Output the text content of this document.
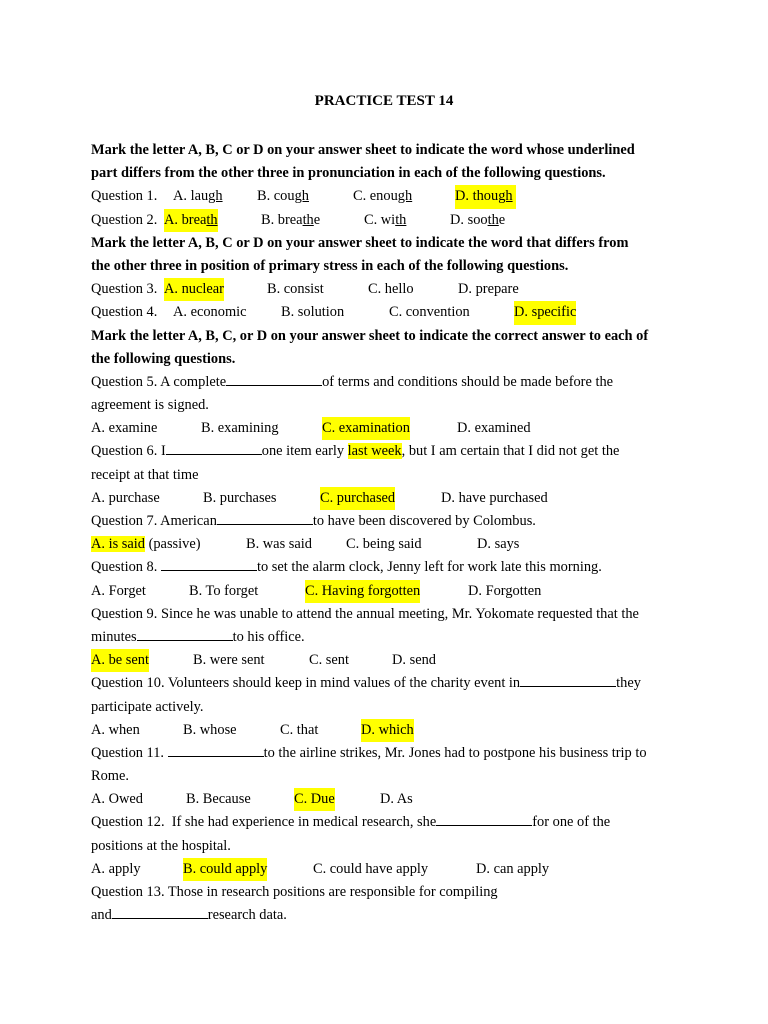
PRACTICE TEST 14
Mark the letter A, B, C or D on your answer sheet to indicate the word whose underlined
part differs from the other three in pronunciation in each of the following questions.
Question 1. A. laugh B. cough	C. enough	D. though
Question 2. A. breath	B. breathe	C. with	D. soothe
Mark the letter A, B, C or D on your answer sheet to indicate the word that differs from
the other three in position of primary stress in each of the following questions.
Question 3. A. nuclear	B. consist	C. hello	D. prepare
Question 4. A. economic B. solution	C. convention	D. specific
Mark the letter A, B, C, or D on your answer sheet to indicate the correct answer to each of
the following questions.
Question 5. A complete	of terms and conditions should be made before the
agreement is signed.
A. examine	B. examining	C. examination	D. examined
Question 6. I	one item early last week, but I am certain that I did not get the
receipt at that time
A. purchase	B. purchases	C. purchased	D. have purchased
Question 7. American	to have been discovered by Colombus.
A. is said (passive)	B. was said C. being said	D. says
Question 8.	to set the alarm clock, Jenny left for work late this morning.
A. Forget	B. To forget	C. Having forgotten	D. Forgotten
Question 9. Since he was unable to attend the annual meeting, Mr. Yokomate requested that the
minutes	to his office.
A. be sent	B. were sent	C. sent	D. send
Question 10. Volunteers should keep in mind values of the charity event in	they
participate actively.
A. when	B. whose	C. that	D. which
Question 11.	to the airline strikes, Mr. Jones had to postpone his business trip to
Rome.
A. Owed	B. Because	C. Due	D. As
Question 12.  If she had experience in medical research, she	for one of the
positions at the hospital.
A. apply	B. could apply	C. could have apply	D. can apply
Question 13. Those in research positions are responsible for compiling
and	research data.
